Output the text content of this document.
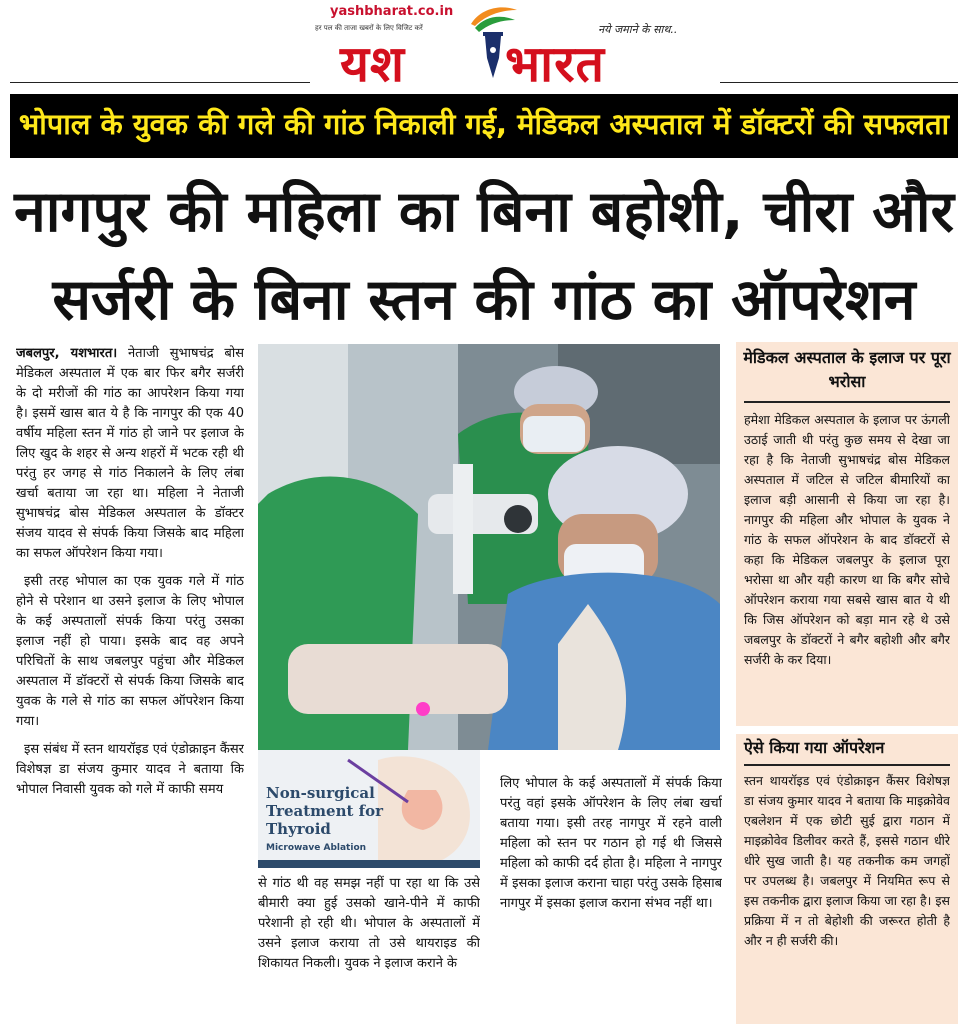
yashbharat.co.in
हर पल की ताजा खबरों के लिए विजिट करें
यश भारत
नये जमाने के साथ..
भोपाल के युवक की गले की गांठ निकाली गई, मेडिकल अस्पताल में डॉक्टरों की सफलता
नागपुर की महिला का बिना बहोशी, चीरा और
सर्जरी के बिना स्तन की गांठ का ऑपरेशन

जबलपुर, यशभारत। नेताजी सुभाषचंद्र बोस मेडिकल अस्पताल में एक बार फिर बगैर सर्जरी के दो मरीजों की गांठ का आपरेशन किया गया है। इसमें खास बात ये है कि नागपुर की एक 40 वर्षीय महिला स्तन में गांठ हो जाने पर इलाज के लिए खुद के शहर से अन्य शहरों में भटक रही थी परंतु हर जगह से गांठ निकालने के लिए लंबा खर्चा बताया जा रहा था। महिला ने नेताजी सुभाषचंद्र बोस मेडिकल अस्पताल के डॉक्टर संजय यादव से संपर्क किया जिसके बाद महिला का सफल ऑपरेशन किया गया।

इसी तरह भोपाल का एक युवक गले में गांठ होने से परेशान था उसने इलाज के लिए भोपाल के कई अस्पतालों संपर्क किया परंतु उसका इलाज नहीं हो पाया। इसके बाद वह अपने परिचितों के साथ जबलपुर पहुंचा और मेडिकल अस्पताल में डॉक्टरों से संपर्क किया जिसके बाद युवक के गले से गांठ का सफल ऑपरेशन किया गया।

इस संबंध में स्तन थायरॉइड एवं एंडोक्राइन कैंसर विशेषज्ञ डा संजय कुमार यादव ने बताया कि भोपाल निवासी युवक को गले में काफी समय	Non-surgical Treatment for Thyroid
Microwave Ablation
से गांठ थी वह समझ नहीं पा रहा था कि उसे बीमारी क्या हुई उसको खाने-पीने में काफी परेशानी हो रही थी। भोपाल के अस्पतालों में उसने इलाज कराया तो उसे थायराइड की शिकायत निकली। युवक ने इलाज कराने के
लिए भोपाल के कई अस्पतालों में संपर्क किया परंतु वहां इसके ऑपरेशन के लिए लंबा खर्चा बताया गया। इसी तरह नागपुर में रहने वाली महिला को स्तन पर गठान हो गई थी जिससे महिला को काफी दर्द होता है। महिला ने नागपुर में इसका इलाज कराना चाहा परंतु उसके हिसाब नागपुर में इसका इलाज कराना संभव नहीं था।
मेडिकल अस्पताल के इलाज पर पूरा भरोसा
हमेशा मेडिकल अस्पताल के इलाज पर ऊंगली उठाई जाती थी परंतु कुछ समय से देखा जा रहा है कि नेताजी सुभाषचंद्र बोस मेडिकल अस्पताल में जटिल से जटिल बीमारियों का इलाज बड़ी आसानी से किया जा रहा है। नागपुर की महिला और भोपाल के युवक ने गांठ के सफल ऑपरेशन के बाद डॉक्टरों से कहा कि मेडिकल जबलपुर के इलाज पूरा भरोसा था और यही कारण था कि बगैर सोचे ऑपरेशन कराया गया सबसे खास बात ये थी कि जिस ऑपरेशन को बड़ा मान रहे थे उसे जबलपुर के डॉक्टरों ने बगैर बहोशी और बगैर सर्जरी के कर दिया।
ऐसे किया गया ऑपरेशन
स्तन थायरॉइड एवं एंडोक्राइन कैंसर विशेषज्ञ डा संजय कुमार यादव ने बताया कि माइक्रोवेव एबलेशन में एक छोटी सुई द्वारा गठान में माइक्रोवेव डिलीवर करते हैं, इससे गठान धीरे धीरे सुख जाती है। यह तकनीक कम जगहों पर उपलब्ध है। जबलपुर में नियमित रूप से इस तकनीक द्वारा इलाज किया जा रहा है। इस प्रक्रिया में न तो बेहोशी की जरूरत होती है और न ही सर्जरी की।
